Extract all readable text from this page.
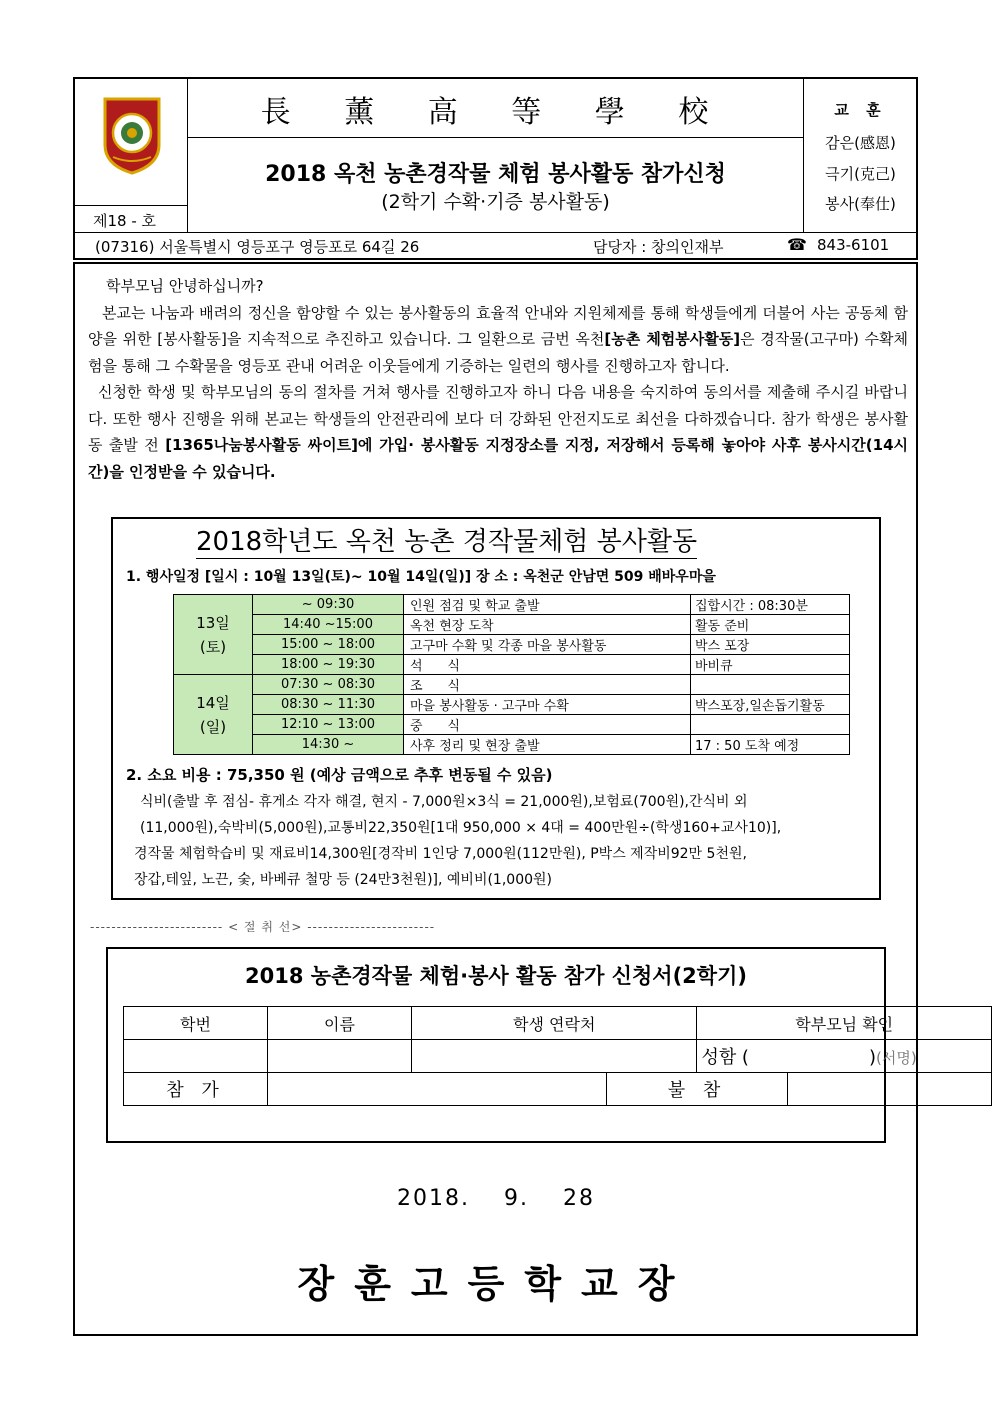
제18 - 호
長 薰 高 等 學 校
2018 옥천 농촌경작물 체험 봉사활동 참가신청
(2학기 수확·기증 봉사활동)
교 훈
감은(感恩)
극기(克己)
봉사(奉仕)
(07316) 서울특별시 영등포구 영등포로 64길 26	담당자 : 창의인재부	☎ 843-6101

학부모님 안녕하십니까?

본교는 나눔과 배려의 정신을 함양할 수 있는 봉사활동의 효율적 안내와 지원체제를 통해 학생들에게 더불어 사는 공동체 함양을 위한 [봉사활동]을 지속적으로 추진하고 있습니다. 그 일환으로 금번 옥천[농촌 체험봉사활동]은 경작물(고구마) 수확체험을 통해 그 수확물을 영등포 관내 어려운 이웃들에게 기증하는 일련의 행사를 진행하고자 합니다.

신청한 학생 및 학부모님의 동의 절차를 거쳐 행사를 진행하고자 하니 다음 내용을 숙지하여 동의서를 제출해 주시길 바랍니다. 또한 행사 진행을 위해 본교는 학생들의 안전관리에 보다 더 강화된 안전지도로 최선을 다하겠습니다. 참가 학생은 봉사활동 출발 전 [1365나눔봉사활동 싸이트]에 가입· 봉사활동 지정장소를 지정, 저장해서 등록해 놓아야 사후 봉사시간(14시간)을 인정받을 수 있습니다.

2018학년도 옥천 농촌 경작물체험 봉사활동
1. 행사일정 [일시 : 10월 13일(토)~ 10월 14일(일)] 장 소 : 옥천군 안남면 509 배바우마을
13일
(토)	~ 09:30	인원 점검 및 학교 출발	집합시간 : 08:30분
	14:40 ~15:00	옥천 현장 도착	활동 준비
	15:00 ~ 18:00	고구마 수확 및 각종 마을 봉사활동	박스 포장
	18:00 ~ 19:30	석      식	바비큐
14일
(일)	07:30 ~ 08:30	조      식	
	08:30 ~ 11:30	마을 봉사활동 · 고구마 수확	박스포장,일손돕기활동
	12:10 ~ 13:00	중      식	
	14:30 ~	사후 정리 및 현장 출발	17 : 50 도착 예정
2. 소요 비용 : 75,350 원 (예상 금액으로 추후 변동될 수 있음)

식비(출발 후 점심- 휴게소 각자 해결, 현지 - 7,000원×3식 = 21,000원),보험료(700원),간식비 외

(11,000원),숙박비(5,000원),교통비22,350원[1대 950,000 × 4대 = 400만원÷(학생160+교사10)],

경작물 체험학습비 및 재료비14,300원[경작비 1인당 7,000원(112만원), P박스 제작비92만 5천원,

장갑,테잎, 노끈, 숯, 바베큐 철망 등 (24만3천원)], 예비비(1,000원)

------------------------- < 절 취 선> ------------------------
2018 농촌경작물 체험·봉사 활동 참가 신청서(2학기)
학번	이름	학생 연락처		학부모님 확인	
				성함 ( )(서명)	
참 가			불 참		
2018.  9.  28
장훈고등학교장
